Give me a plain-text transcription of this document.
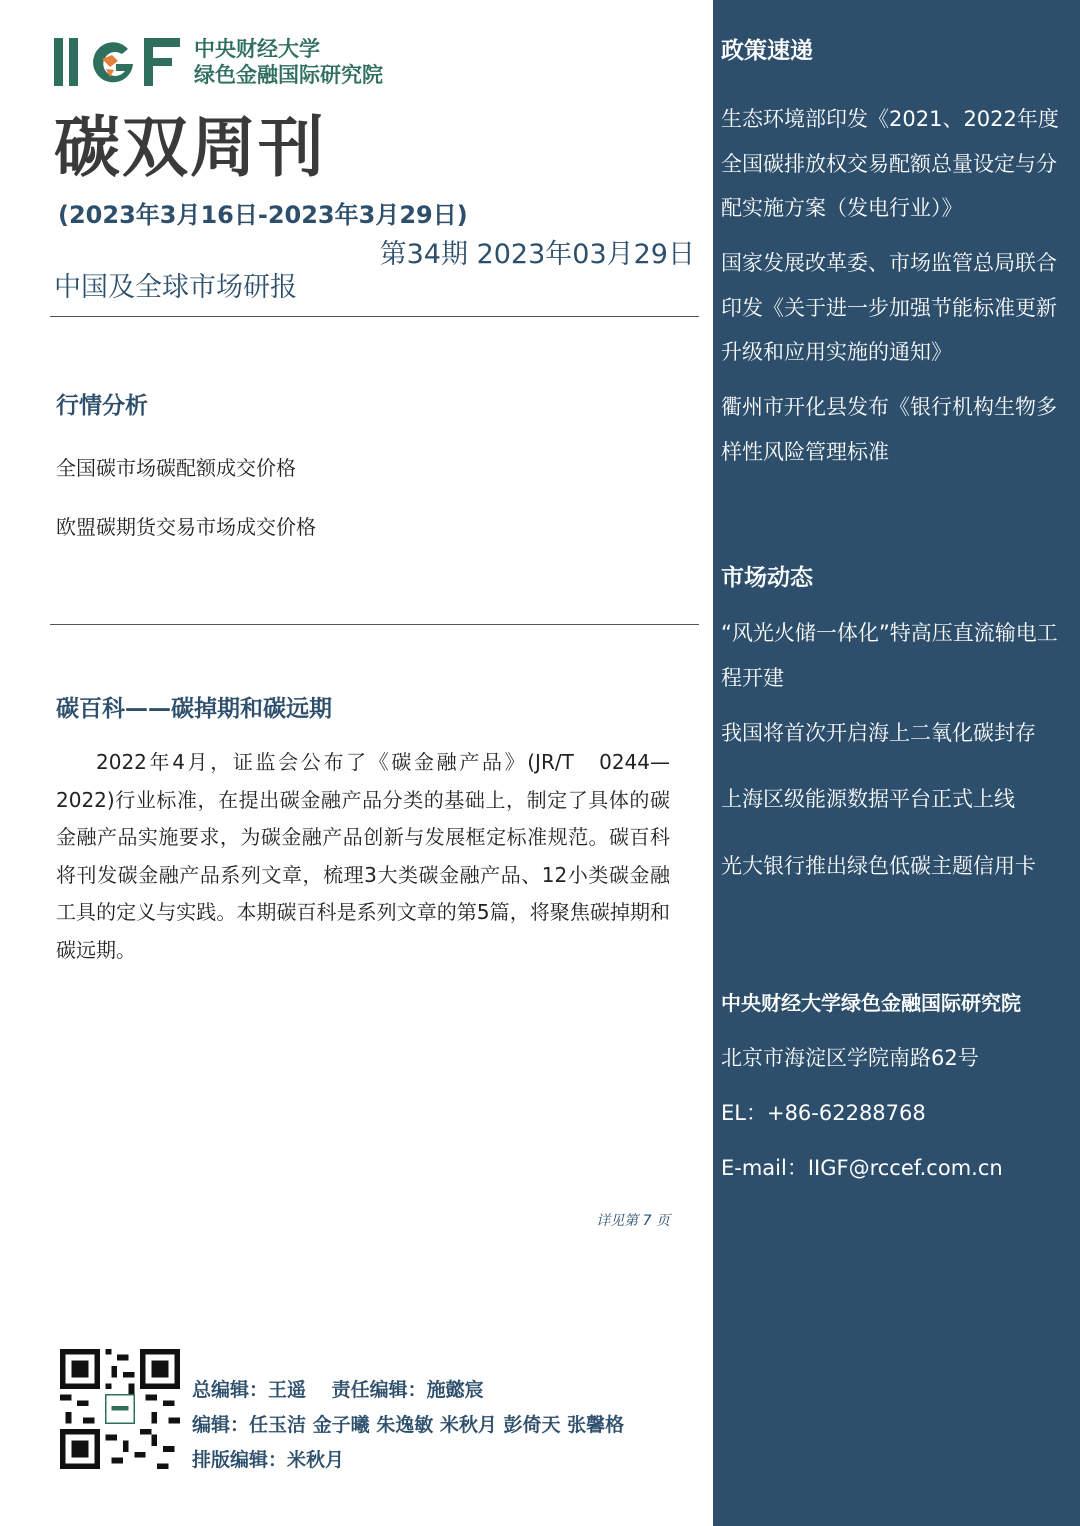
中央财经大学
绿色金融国际研究院
碳双周刊
(2023年3月16日-2023年3月29日)
第34期 2023年03月29日
中国及全球市场研报
行情分析
全国碳市场碳配额成交价格
欧盟碳期货交易市场成交价格
碳百科——碳掉期和碳远期

2022年4月，证监会公布了《碳金融产品》(JR/T　0244—2022)行业标准，在提出碳金融产品分类的基础上，制定了具体的碳金融产品实施要求，为碳金融产品创新与发展框定标准规范。碳百科将刊发碳金融产品系列文章，梳理3大类碳金融产品、12小类碳金融工具的定义与实践。本期碳百科是系列文章的第5篇，将聚焦碳掉期和碳远期。

详见第 7 页
总编辑：王遥　 责任编辑：施懿宸
编辑：任玉洁 金子曦 朱逸敏 米秋月 彭倚天 张馨格
排版编辑：米秋月
政策速递
生态环境部印发《2021、2022年度全国碳排放权交易配额总量设定与分配实施方案（发电行业）》
国家发展改革委、市场监管总局联合印发《关于进一步加强节能标准更新升级和应用实施的通知》
衢州市开化县发布《银行机构生物多样性风险管理标准
市场动态
“风光火储一体化”特高压直流输电工程开建
我国将首次开启海上二氧化碳封存
上海区级能源数据平台正式上线
光大银行推出绿色低碳主题信用卡
中央财经大学绿色金融国际研究院
北京市海淀区学院南路62号
EL：+86-62288768
E-mail：IIGF@rccef.com.cn
